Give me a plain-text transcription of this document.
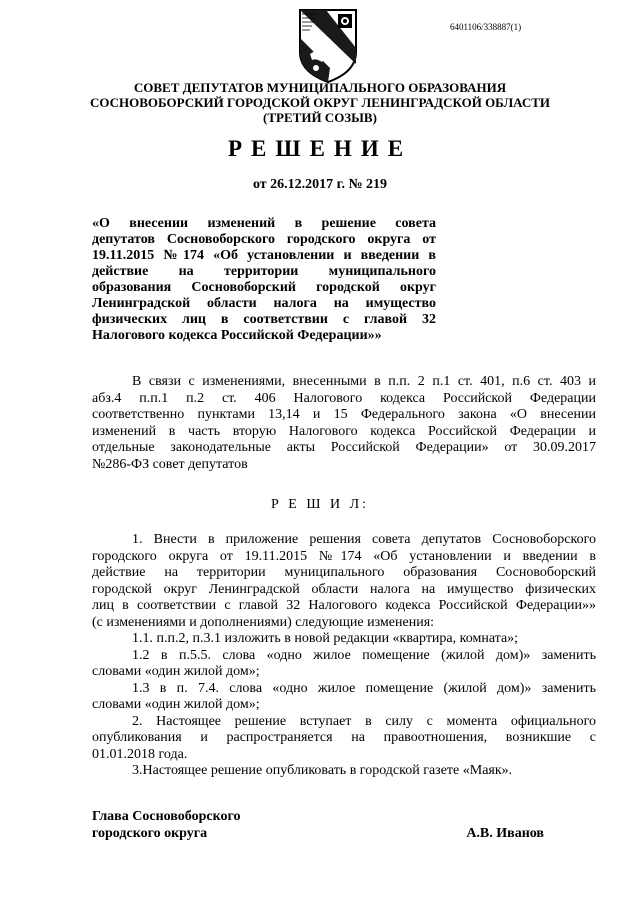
6401106/338887(1)
СОВЕТ ДЕПУТАТОВ МУНИЦИПАЛЬНОГО ОБРАЗОВАНИЯ
СОСНОВОБОРСКИЙ ГОРОДСКОЙ ОКРУГ ЛЕНИНГРАДСКОЙ ОБЛАСТИ
(ТРЕТИЙ СОЗЫВ)
РЕШЕНИЕ
от 26.12.2017 г. № 219
«О внесении изменений в решение совета
депутатов Сосновоборского городского округа от
19.11.2015 №174 «Об установлении и введении в
действие на территории муниципального
образования Сосновоборский городской округ
Ленинградской области налога на имущество
физических лиц в соответствии с главой 32
Налогового кодекса Российской Федерации»»
В связи с изменениями, внесенными в п.п. 2 п.1 ст. 401, п.6 ст. 403 и
абз.4 п.п.1 п.2 ст. 406 Налогового кодекса Российской Федерации
соответственно пунктами 13,14 и 15 Федерального закона «О внесении
изменений в часть вторую Налогового кодекса Российской Федерации и
отдельные законодательные акты Российской Федерации» от 30.09.2017
№286-ФЗ совет депутатов
Р Е Ш И Л:
1. Внести в приложение решения совета депутатов Сосновоборского
городского округа от 19.11.2015 №174 «Об установлении и введении в
действие на территории муниципального образования Сосновоборский
городской округ Ленинградской области налога на имущество физических
лиц в соответствии с главой 32 Налогового кодекса Российской Федерации»»
(с изменениями и дополнениями) следующие изменения:
1.1. п.п.2, п.3.1 изложить в новой редакции «квартира, комната»;
1.2 в п.5.5. слова «одно жилое помещение (жилой дом)» заменить
словами «один жилой дом»;
1.3 в п. 7.4. слова «одно жилое помещение (жилой дом)» заменить
словами «один жилой дом»;
2. Настоящее решение вступает в силу с момента официального
опубликования и распространяется на правоотношения, возникшие с
01.01.2018 года.
3.Настоящее решение опубликовать в городской газете «Маяк».
Глава Сосновоборского
городского округа	А.В. Иванов
